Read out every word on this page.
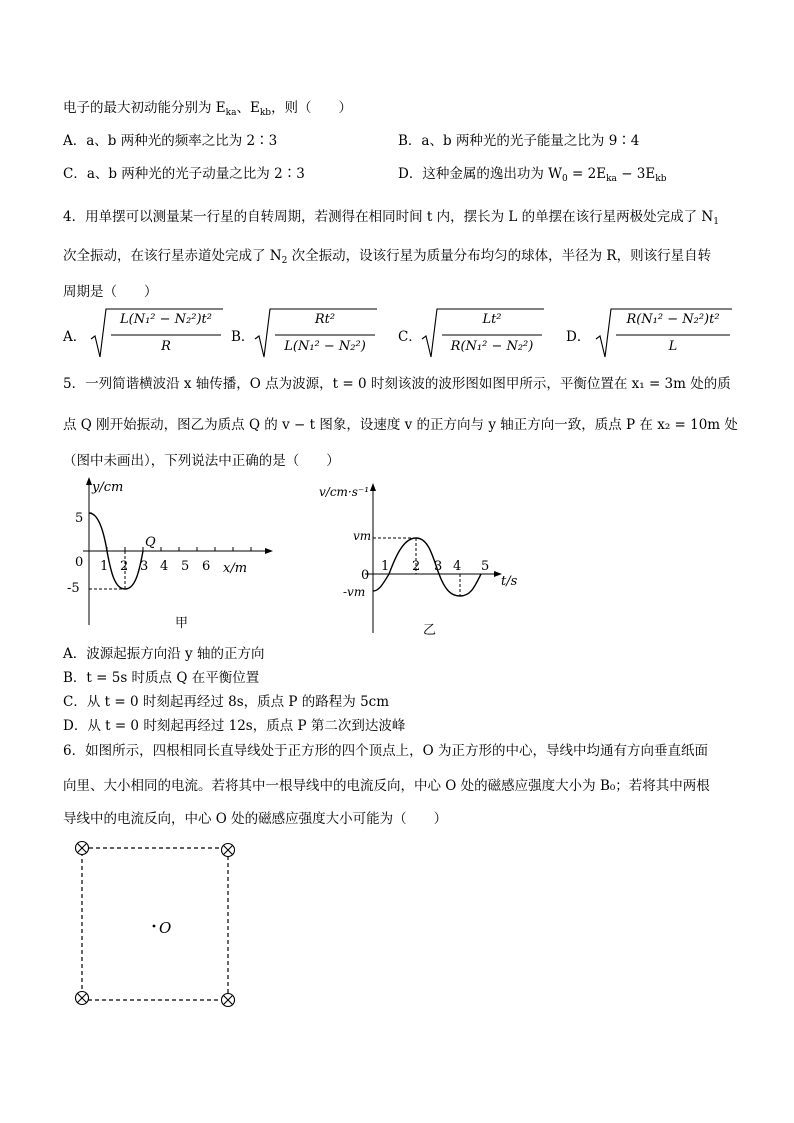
电子的最大初动能分别为 $E_{ka}$、$E_{kb}$，则（　　）
A．a、b 两种光的频率之比为 2∶3	B．a、b 两种光的光子能量之比为 9∶4
C．a、b 两种光的光子动量之比为 2∶3	D．这种金属的逸出功为 $W_0 = 2E_{ka} - 3E_{kb}$
4．用单摆可以测量某一行星的自转周期，若测得在相同时间 t 内，摆长为 L 的单摆在该行星两极处完成了 $N_1$
次全振动，在该行星赤道处完成了 $N_2$ 次全振动，设该行星为质量分布均匀的球体，半径为 R，则该行星自转
周期是（　　）
A．
L(N₁² − N₂²)t²
R
B．
Rt²
L(N₁² − N₂²)
C．
Lt²
R(N₁² − N₂²)
D．
R(N₁² − N₂²)t²
L
5．一列简谐横波沿 x 轴传播，O 点为波源，t = 0 时刻该波的波形图如图甲所示，平衡位置在 x₁ = 3m 处的质
点 Q 刚开始振动，图乙为质点 Q 的 v − t 图象，设速度 v 的正方向与 y 轴正方向一致，质点 P 在 x₂ = 10m 处
（图中未画出），下列说法中正确的是（　　）
y/cm
x/m
5
0
-5
1 2 3 4 5 6
Q
甲
v/cm·s⁻¹
t/s
vm
0
-vm
1 2 3 4 5
乙
A．波源起振方向沿 y 轴的正方向
B．t = 5s 时质点 Q 在平衡位置
C．从 t = 0 时刻起再经过 8s，质点 P 的路程为 5cm
D．从 t = 0 时刻起再经过 12s，质点 P 第二次到达波峰
6．如图所示，四根相同长直导线处于正方形的四个顶点上，O 为正方形的中心，导线中均通有方向垂直纸面
向里、大小相同的电流。若将其中一根导线中的电流反向，中心 O 处的磁感应强度大小为 B₀；若将其中两根
导线中的电流反向，中心 O 处的磁感应强度大小可能为（　　）
O
